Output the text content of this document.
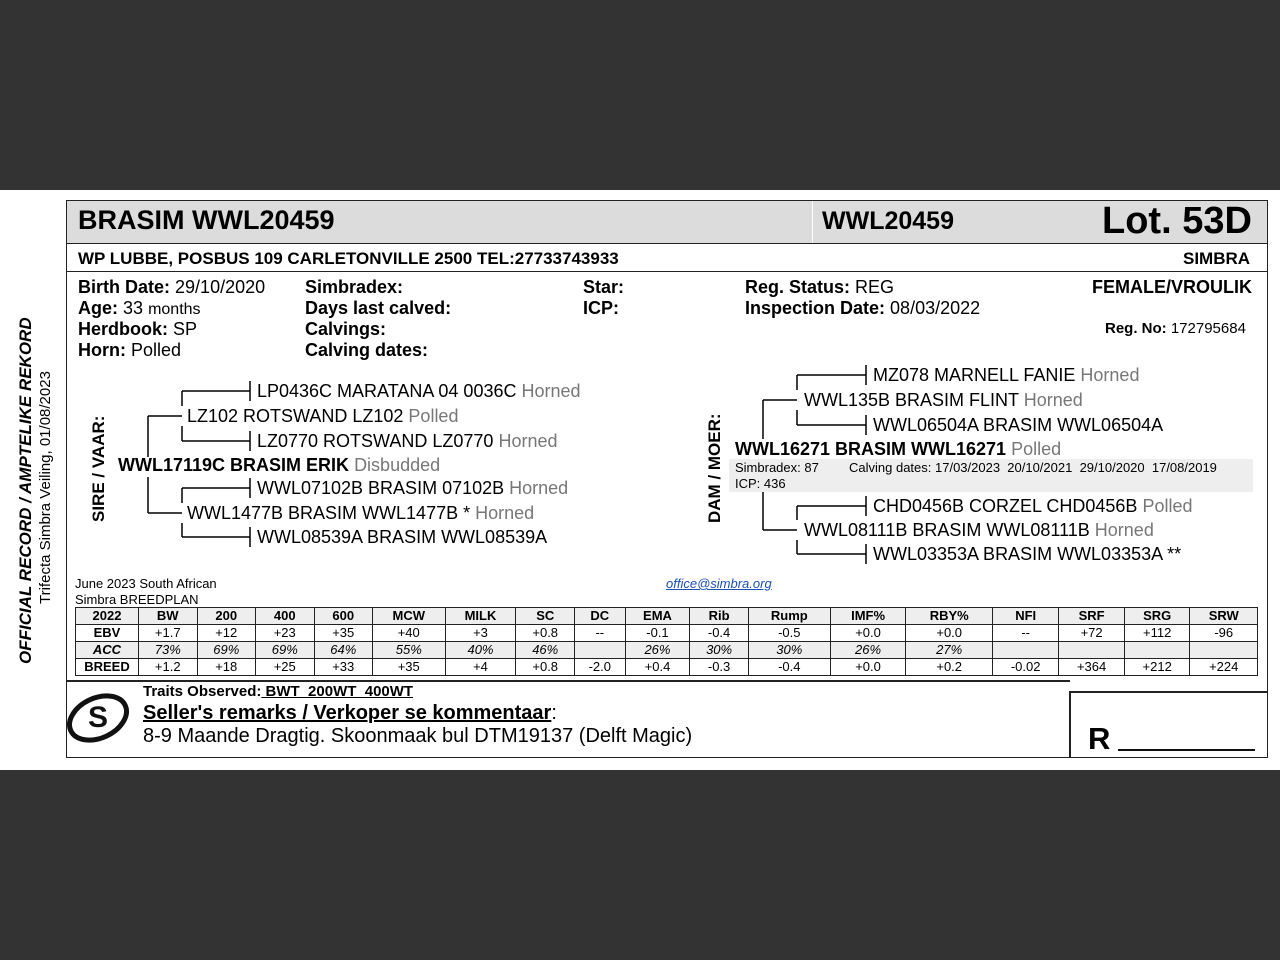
OFFICIAL RECORD / AMPTELIKE REKORD Trifecta Simbra Veiling, 01/08/2023
BRASIM WWL20459	WWL20459	Lot. 53D
WP LUBBE, POSBUS 109 CARLETONVILLE 2500 TEL:27733743933	SIMBRA
Birth Date: 29/10/2020
Age: 33 months
Herdbook: SP
Horn: Polled
Simbradex:
Days last calved:
Calvings:
Calving dates:
Star:
ICP:
Reg. Status: REG
Inspection Date: 08/03/2022
FEMALE/VROULIK
Reg. No: 172795684
SIRE / VAAR:
LP0436C MARATANA 04 0036C Horned
LZ102 ROTSWAND LZ102 Polled
LZ0770 ROTSWAND LZ0770 Horned
WWL17119C BRASIM ERIK Disbudded
WWL07102B BRASIM 07102B Horned
WWL1477B BRASIM WWL1477B * Horned
WWL08539A BRASIM WWL08539A
DAM / MOER:
MZ078 MARNELL FANIE Horned
WWL135B BRASIM FLINT Horned
WWL06504A BRASIM WWL06504A
WWL16271 BRASIM WWL16271 Polled
Simbradex: 87 Calving dates: 17/03/2023  20/10/2021  29/10/2020  17/08/2019
ICP: 436
CHD0456B CORZEL CHD0456B Polled
WWL08111B BRASIM WWL08111B Horned
WWL03353A BRASIM WWL03353A **
June 2023 South African
Simbra BREEDPLAN
office@simbra.org
2022	BW	200	400	600	MCW	MILK	SC	DC	EMA	Rib	Rump	IMF%	RBY%	NFI	SRF	SRG	SRW
EBV	+1.7	+12	+23	+35	+40	+3	+0.8	--	-0.1	-0.4	-0.5	+0.0	+0.0	--	+72	+112	-96
ACC	73%	69%	69%	64%	55%	40%	46%		26%	30%	30%	26%	27%				
BREED	+1.2	+18	+25	+33	+35	+4	+0.8	-2.0	+0.4	-0.3	-0.4	+0.0	+0.2	-0.02	+364	+212	+224
S
Traits Observed: BWT  200WT  400WT
Seller's remarks / Verkoper se kommentaar:
8-9 Maande Dragtig. Skoonmaak bul DTM19137 (Delft Magic)	R
